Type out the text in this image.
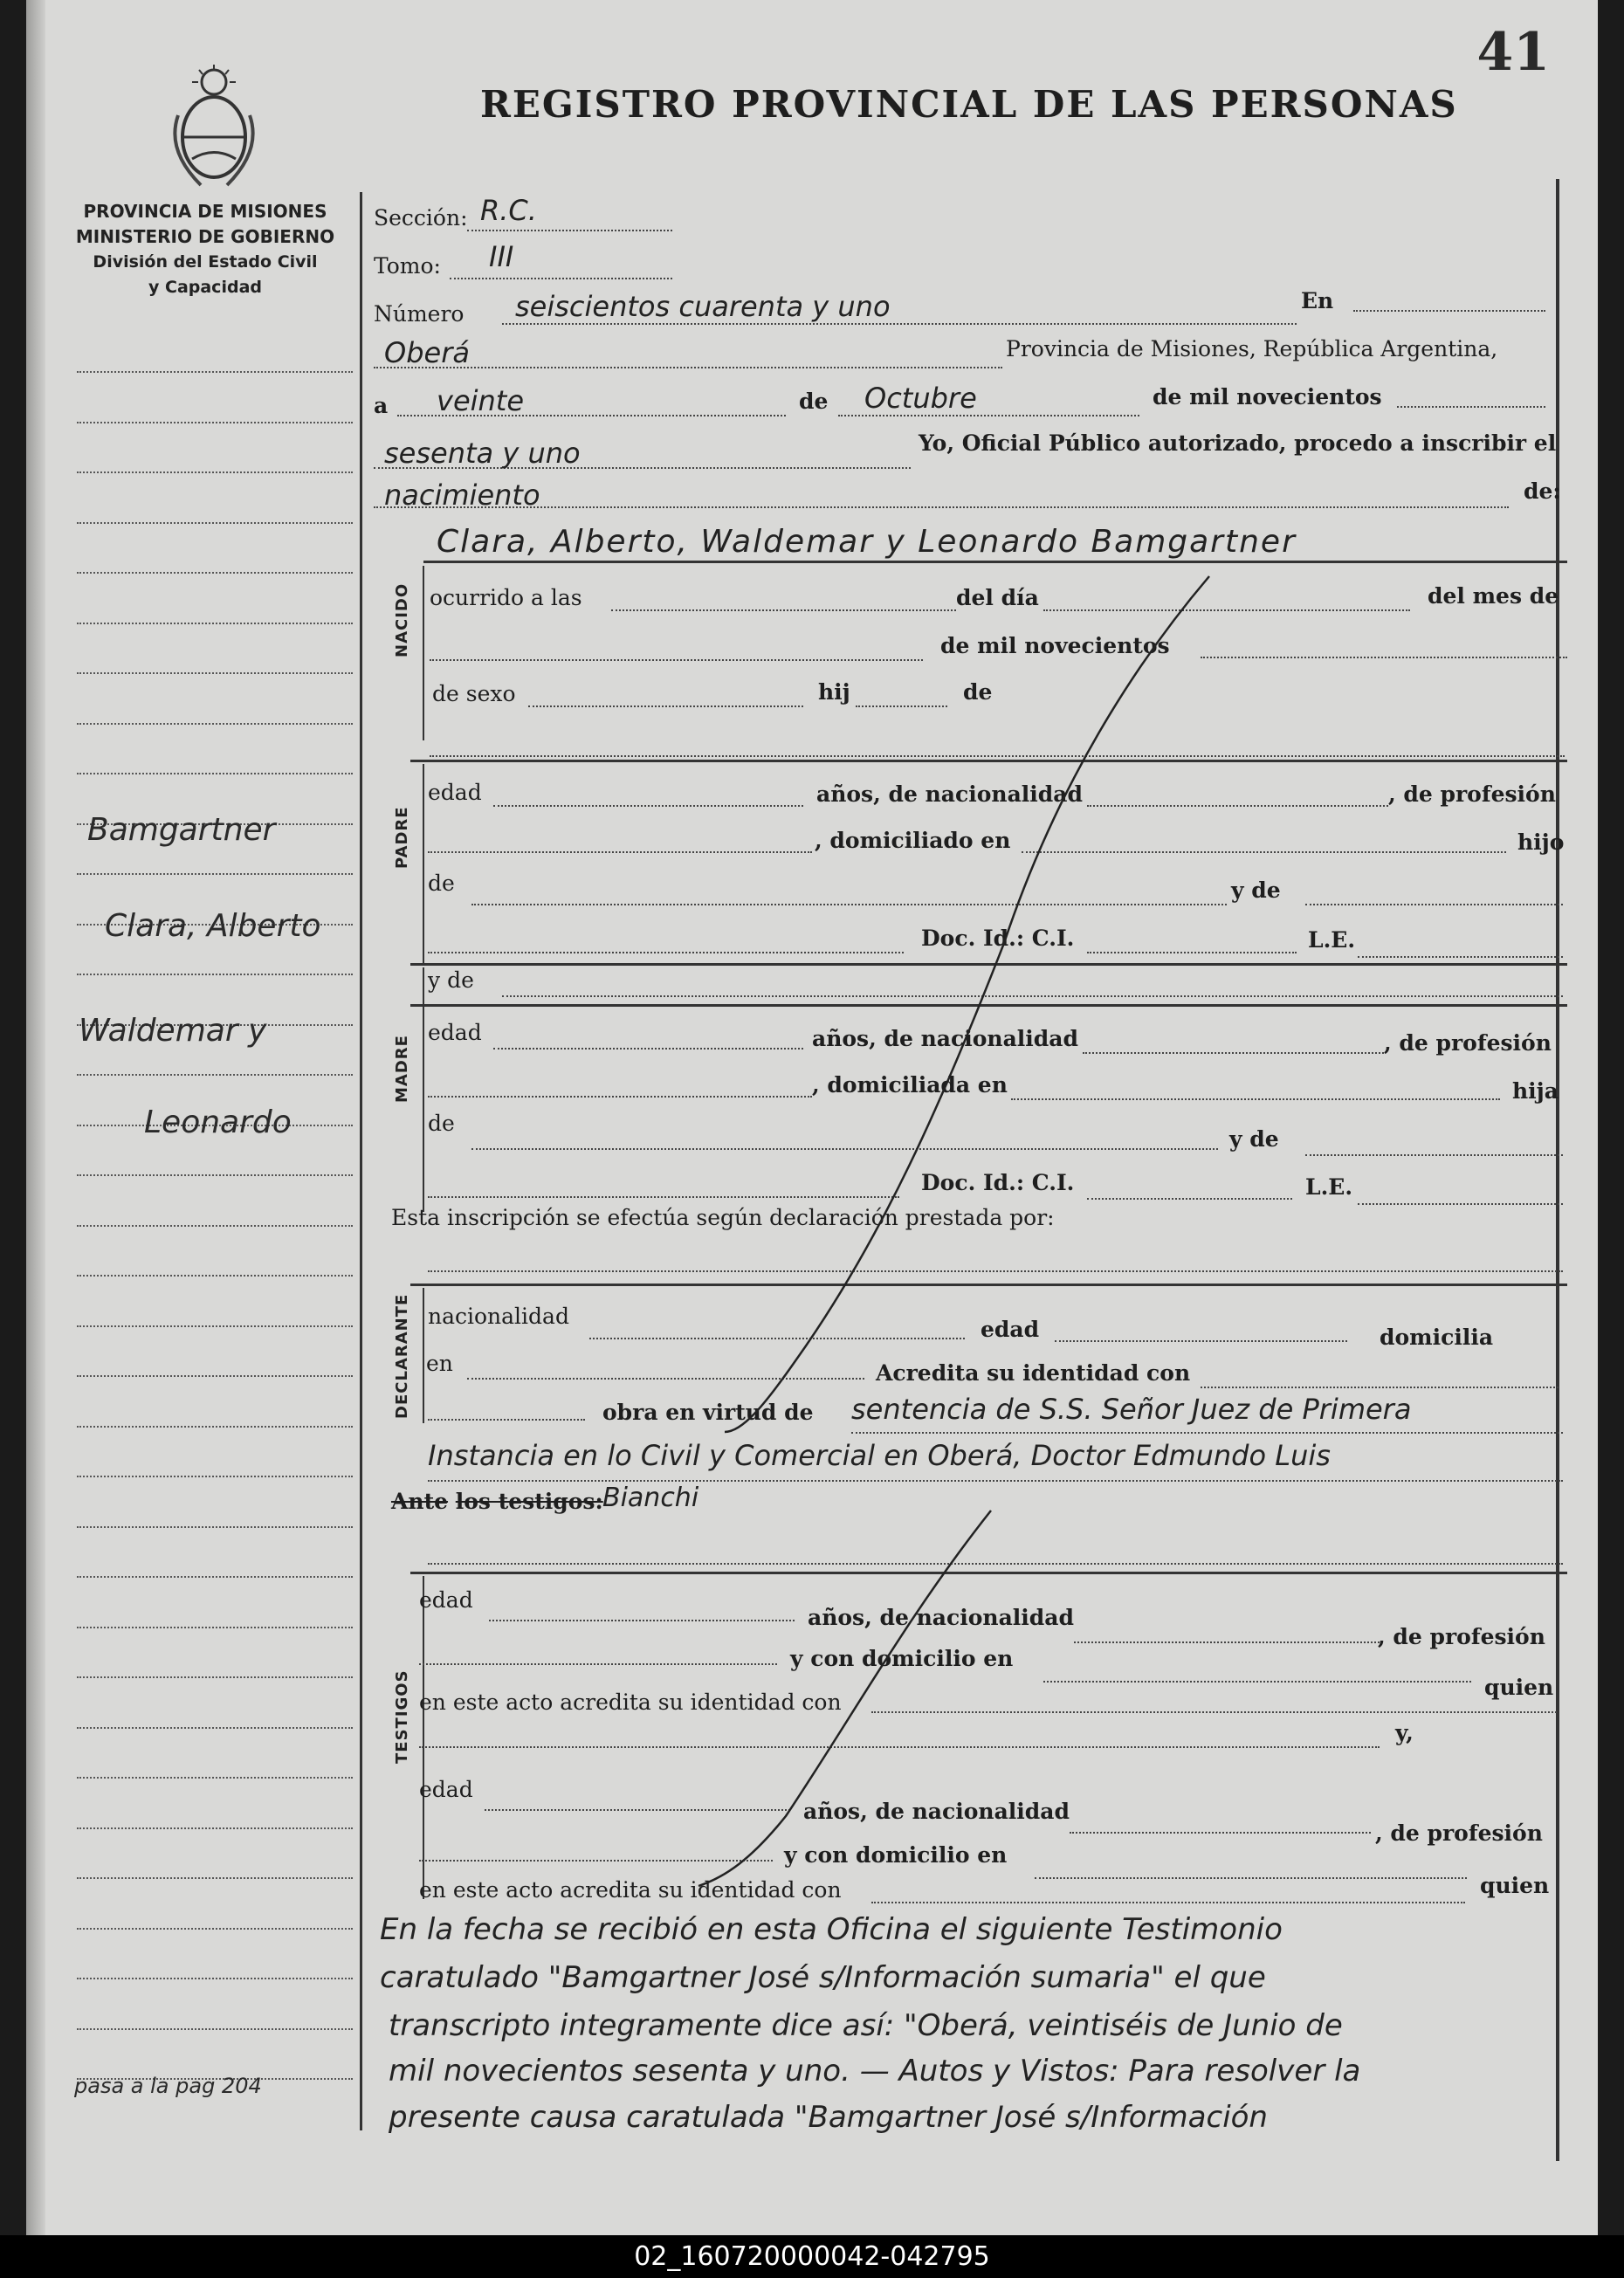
41
REGISTRO PROVINCIAL DE LAS PERSONAS
PROVINCIA DE MISIONES
MINISTERIO DE GOBIERNO
División del Estado Civil
y Capacidad
Bamgartner
Clara, Alberto
Waldemar y
Leonardo
pasa a la pag 204
Sección: R.C.
Tomo: III
Número seiscientos cuarenta y uno	En
Oberá	Provincia de Misiones, República Argentina,
a veinte	de Octubre	de mil novecientos
sesenta y uno	Yo, Oficial Público autorizado, procedo a inscribir el
nacimiento	de:
Clara, Alberto, Waldemar y Leonardo Bamgartner
NACIDO ocurrido a las	del día	del mes de
de mil novecientos
de sexo	hij	de
PADRE
edad	años, de nacionalidad	, de profesión
, domiciliado en	hijo
de	y de
Doc. Id.: C.I.	L.E.
MADRE
y de
edad	años, de nacionalidad	, de profesión
, domiciliada en	hija
de
y de
Doc. Id.: C.I.	L.E.
Esta inscripción se efectúa según declaración prestada por:
DECLARANTE nacionalidad
edad	domicilia
en	Acredita su identidad con
obra en virtud de sentencia de S.S. Señor Juez de Primera
Instancia en lo Civil y Comercial en Oberá, Doctor Edmundo Luis
Ante los testigos: Bianchi
TESTIGOS
edad
años, de nacionalidad
, de profesión
y con domicilio en
quien
en este acto acredita su identidad con
y,
edad
años, de nacionalidad
, de profesión
y con domicilio en
quien
en este acto acredita su identidad con
En la fecha se recibió en esta Oficina el siguiente Testimonio
caratulado "Bamgartner José s/Información sumaria" el que
transcripto integramente dice así: "Oberá, veintiséis de Junio de
mil novecientos sesenta y uno. — Autos y Vistos: Para resolver la
presente causa caratulada "Bamgartner José s/Información
02_160720000042-042795
